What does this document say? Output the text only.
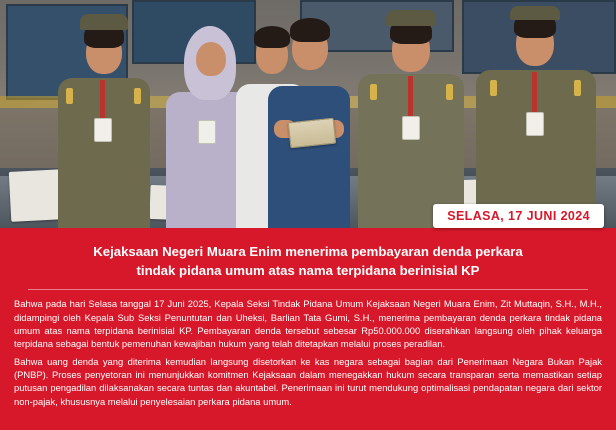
SELASA, 17 JUNI 2024
Kejaksaan Negeri Muara Enim menerima pembayaran denda perkara
tindak pidana umum atas nama terpidana berinisial KP

Bahwa pada hari Selasa tanggal 17 Juni 2025, Kepala Seksi Tindak Pidana Umum Kejaksaan Negeri Muara Enim, Zit Muttaqin, S.H., M.H., didampingi oleh Kepala Sub Seksi Penuntutan dan Uheksi, Barlian Tata Gumi, S.H., menerima pembayaran denda perkara tindak pidana umum atas nama terpidana berinisial KP. Pembayaran denda tersebut sebesar Rp50.000.000 diserahkan langsung oleh pihak keluarga terpidana sebagai bentuk pemenuhan kewajiban hukum yang telah ditetapkan melalui proses peradilan.

Bahwa uang denda yang diterima kemudian langsung disetorkan ke kas negara sebagai bagian dari Penerimaan Negara Bukan Pajak (PNBP). Proses penyetoran ini menunjukkan komitmen Kejaksaan dalam menegakkan hukum secara transparan serta memastikan setiap putusan pengadilan dilaksanakan secara tuntas dan akuntabel. Penerimaan ini turut mendukung optimalisasi pendapatan negara dari sektor non-pajak, khususnya melalui penyelesaian perkara pidana umum.
